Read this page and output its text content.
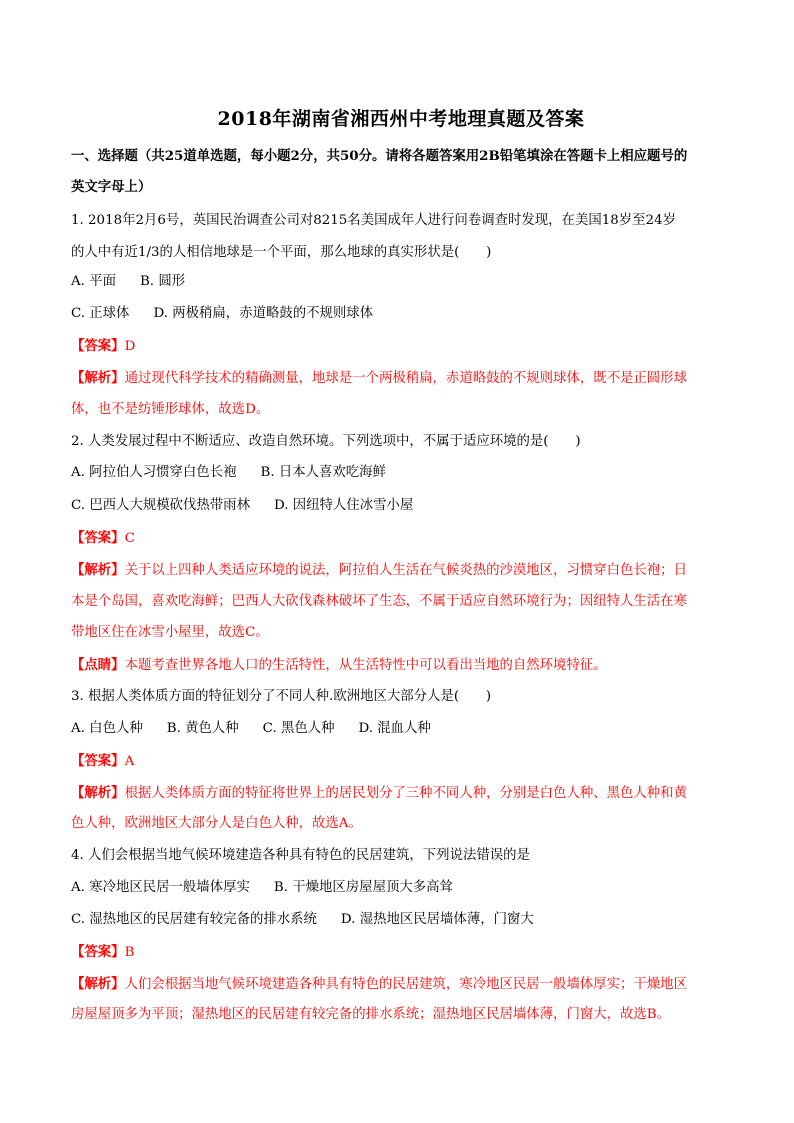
2018年湖南省湘西州中考地理真题及答案
一、选择题（共25道单选题，每小题2分，共50分。请将各题答案用2B铅笔填涂在答题卡上相应题号的
英文字母上）
1. 2018年2月6号，英国民治调查公司对8215名美国成年人进行问卷调查时发现，在美国18岁至24岁
的人中有近1/3的人相信地球是一个平面，那么地球的真实形状是(　　)
A. 平面 B. 圆形
C. 正球体 D. 两极稍扁，赤道略鼓的不规则球体
【答案】D
【解析】通过现代科学技术的精确测量，地球是一个两极稍扁，赤道略鼓的不规则球体，既不是正圆形球
体，也不是纺锤形球体，故选D。
2. 人类发展过程中不断适应、改造自然环境。下列选项中，不属于适应环境的是(　　)
A. 阿拉伯人习惯穿白色长袍 B. 日本人喜欢吃海鲜
C. 巴西人大规模砍伐热带雨林 D. 因纽特人住冰雪小屋
【答案】C
【解析】关于以上四种人类适应环境的说法，阿拉伯人生活在气候炎热的沙漠地区，习惯穿白色长袍；日
本是个岛国，喜欢吃海鲜；巴西人大砍伐森林破坏了生态，不属于适应自然环境行为；因纽特人生活在寒
带地区住在冰雪小屋里，故选C。
【点睛】本题考查世界各地人口的生活特性，从生活特性中可以看出当地的自然环境特征。
3. 根据人类体质方面的特征划分了不同人种.欧洲地区大部分人是(　　)
A. 白色人种 B. 黄色人种 C. 黑色人种 D. 混血人种
【答案】A
【解析】根据人类体质方面的特征将世界上的居民划分了三种不同人种，分别是白色人种、黑色人种和黄
色人种，欧洲地区大部分人是白色人种，故选A。
4. 人们会根据当地气候环境建造各种具有特色的民居建筑，下列说法错误的是
A. 寒冷地区民居一般墙体厚实 B. 干燥地区房屋屋顶大多高耸
C. 湿热地区的民居建有较完备的排水系统 D. 湿热地区民居墙体薄，门窗大
【答案】B
【解析】人们会根据当地气候环境建造各种具有特色的民居建筑，寒冷地区民居一般墙体厚实；干燥地区
房屋屋顶多为平顶；湿热地区的民居建有较完备的排水系统；湿热地区民居墙体薄，门窗大，故选B。
